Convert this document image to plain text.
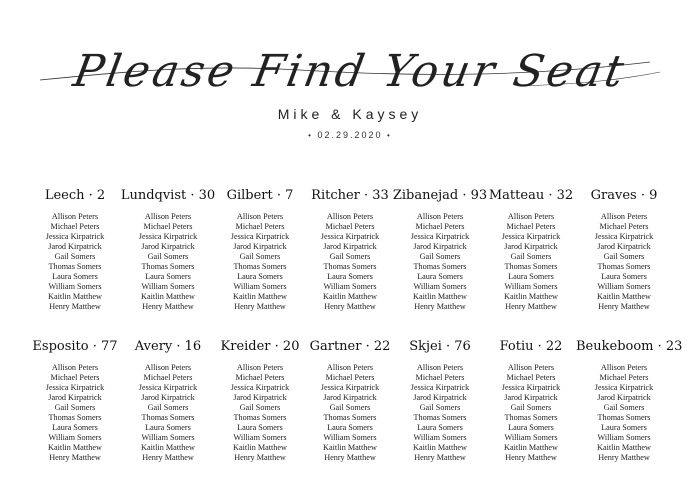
Please Find Your Seat
Mike & Kaysey
• 02.29.2020 •
Leech · 2
Allison Peters
Michael Peters
Jessica Kirpatrick
Jarod Kirpatrick
Gail Somers
Thomas Somers
Laura Somers
William Somers
Kaitlin Matthew
Henry Matthew
Lundqvist · 30
Allison Peters
Michael Peters
Jessica Kirpatrick
Jarod Kirpatrick
Gail Somers
Thomas Somers
Laura Somers
William Somers
Kaitlin Matthew
Henry Matthew
Gilbert · 7
Allison Peters
Michael Peters
Jessica Kirpatrick
Jarod Kirpatrick
Gail Somers
Thomas Somers
Laura Somers
William Somers
Kaitlin Matthew
Henry Matthew
Ritcher · 33
Allison Peters
Michael Peters
Jessica Kirpatrick
Jarod Kirpatrick
Gail Somers
Thomas Somers
Laura Somers
William Somers
Kaitlin Matthew
Henry Matthew
Zibanejad · 93
Allison Peters
Michael Peters
Jessica Kirpatrick
Jarod Kirpatrick
Gail Somers
Thomas Somers
Laura Somers
William Somers
Kaitlin Matthew
Henry Matthew
Matteau · 32
Allison Peters
Michael Peters
Jessica Kirpatrick
Jarod Kirpatrick
Gail Somers
Thomas Somers
Laura Somers
William Somers
Kaitlin Matthew
Henry Matthew
Graves · 9
Allison Peters
Michael Peters
Jessica Kirpatrick
Jarod Kirpatrick
Gail Somers
Thomas Somers
Laura Somers
William Somers
Kaitlin Matthew
Henry Matthew
Esposito · 77
Allison Peters
Michael Peters
Jessica Kirpatrick
Jarod Kirpatrick
Gail Somers
Thomas Somers
Laura Somers
William Somers
Kaitlin Matthew
Henry Matthew
Avery · 16
Allison Peters
Michael Peters
Jessica Kirpatrick
Jarod Kirpatrick
Gail Somers
Thomas Somers
Laura Somers
William Somers
Kaitlin Matthew
Henry Matthew
Kreider · 20
Allison Peters
Michael Peters
Jessica Kirpatrick
Jarod Kirpatrick
Gail Somers
Thomas Somers
Laura Somers
William Somers
Kaitlin Matthew
Henry Matthew
Gartner · 22
Allison Peters
Michael Peters
Jessica Kirpatrick
Jarod Kirpatrick
Gail Somers
Thomas Somers
Laura Somers
William Somers
Kaitlin Matthew
Henry Matthew
Skjei · 76
Allison Peters
Michael Peters
Jessica Kirpatrick
Jarod Kirpatrick
Gail Somers
Thomas Somers
Laura Somers
William Somers
Kaitlin Matthew
Henry Matthew
Fotiu · 22
Allison Peters
Michael Peters
Jessica Kirpatrick
Jarod Kirpatrick
Gail Somers
Thomas Somers
Laura Somers
William Somers
Kaitlin Matthew
Henry Matthew
Beukeboom · 23
Allison Peters
Michael Peters
Jessica Kirpatrick
Jarod Kirpatrick
Gail Somers
Thomas Somers
Laura Somers
William Somers
Kaitlin Matthew
Henry Matthew
